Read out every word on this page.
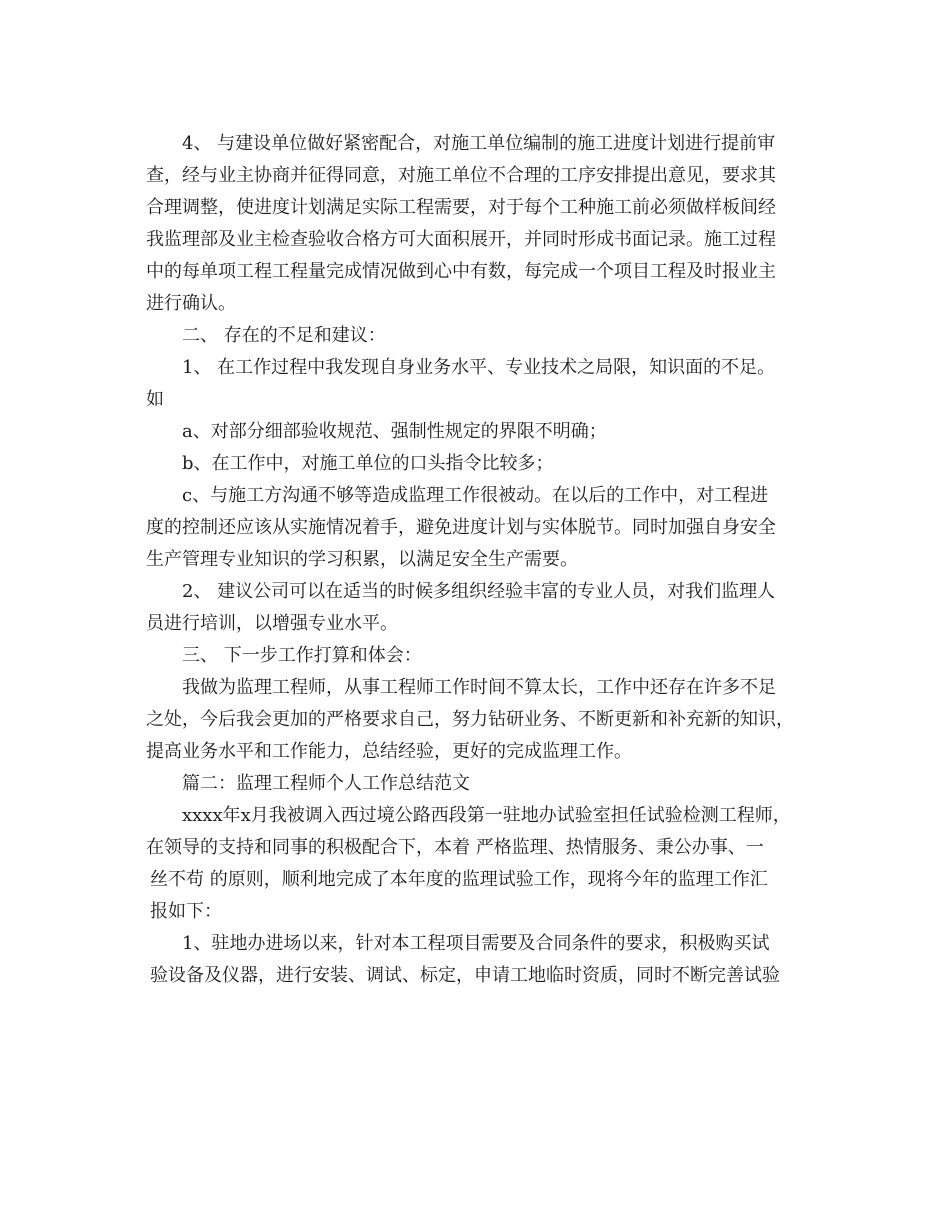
4、 与建设单位做好紧密配合，对施工单位编制的施工进度计划进行提前审
查，经与业主协商并征得同意，对施工单位不合理的工序安排提出意见，要求其
合理调整，使进度计划满足实际工程需要，对于每个工种施工前必须做样板间经
我监理部及业主检查验收合格方可大面积展开，并同时形成书面记录。施工过程
中的每单项工程工程量完成情况做到心中有数，每完成一个项目工程及时报业主
进行确认。
二、 存在的不足和建议：
1、 在工作过程中我发现自身业务水平、专业技术之局限，知识面的不足。
如
a、对部分细部验收规范、强制性规定的界限不明确；
b、在工作中，对施工单位的口头指令比较多；
c、与施工方沟通不够等造成监理工作很被动。在以后的工作中，对工程进
度的控制还应该从实施情况着手，避免进度计划与实体脱节。同时加强自身安全
生产管理专业知识的学习积累，以满足安全生产需要。
2、 建议公司可以在适当的时候多组织经验丰富的专业人员，对我们监理人
员进行培训，以增强专业水平。
三、 下一步工作打算和体会：
我做为监理工程师，从事工程师工作时间不算太长，工作中还存在许多不足
之处，今后我会更加的严格要求自己，努力钻研业务、不断更新和补充新的知识，
提高业务水平和工作能力，总结经验，更好的完成监理工作。
篇二：监理工程师个人工作总结范文
xxxx年x月我被调入西过境公路西段第一驻地办试验室担任试验检测工程师，
在领导的支持和同事的积极配合下，本着 严格监理、热情服务、秉公办事、一
丝不苟 的原则，顺利地完成了本年度的监理试验工作，现将今年的监理工作汇
报如下：
1、驻地办进场以来，针对本工程项目需要及合同条件的要求，积极购买试
验设备及仪器，进行安装、调试、标定，申请工地临时资质，同时不断完善试验
